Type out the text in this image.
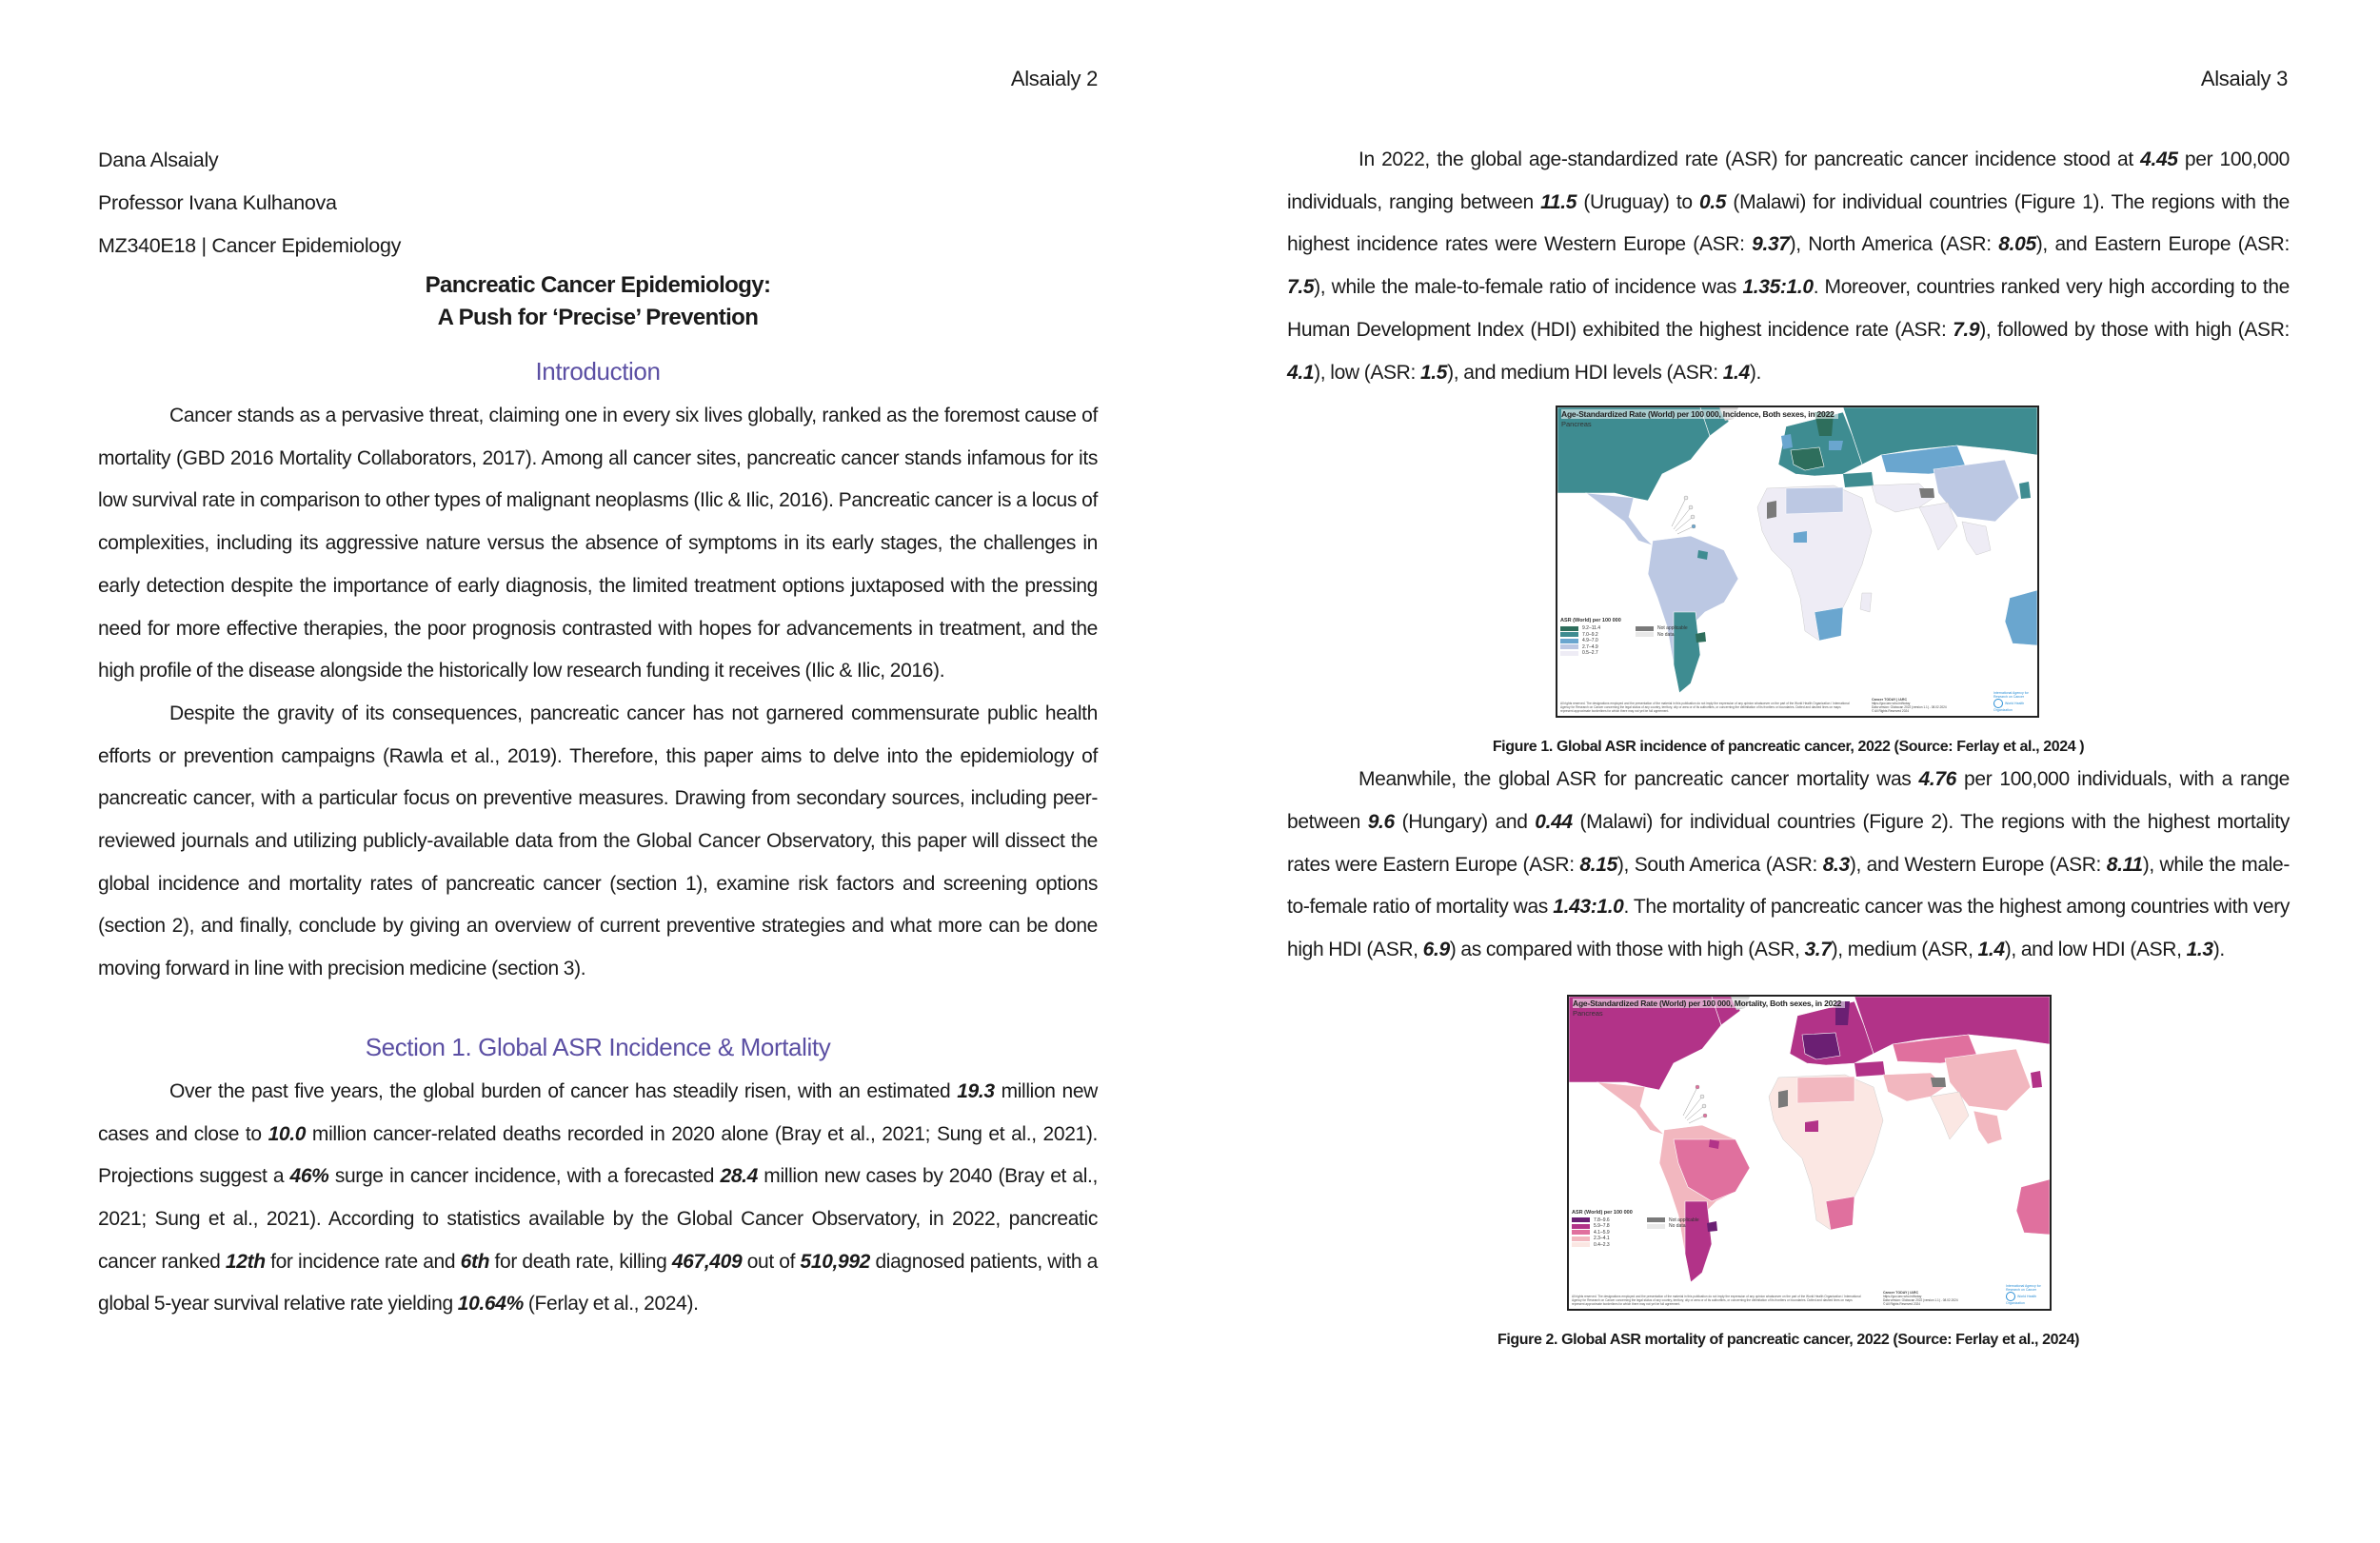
Alsaialy 2
Dana Alsaialy
Professor Ivana Kulhanova
MZ340E18 | Cancer Epidemiology
Pancreatic Cancer Epidemiology:
A Push for ‘Precise’ Prevention
Introduction

Cancer stands as a pervasive threat, claiming one in every six lives globally, ranked as the foremost cause of mortality (GBD 2016 Mortality Collaborators, 2017). Among all cancer sites, pancreatic cancer stands infamous for its low survival rate in comparison to other types of malignant neoplasms (Ilic & Ilic, 2016). Pancreatic cancer is a locus of complexities, including its aggressive nature versus the absence of symptoms in its early stages, the challenges in early detection despite the importance of early diagnosis, the limited treatment options juxtaposed with the pressing need for more effective therapies, the poor prognosis contrasted with hopes for advancements in treatment, and the high profile of the disease alongside the historically low research funding it receives (Ilic & Ilic, 2016).

Despite the gravity of its consequences, pancreatic cancer has not garnered commensurate public health efforts or prevention campaigns (Rawla et al., 2019). Therefore, this paper aims to delve into the epidemiology of pancreatic cancer, with a particular focus on preventive measures. Drawing from secondary sources, including peer-reviewed journals and utilizing publicly-available data from the Global Cancer Observatory, this paper will dissect the global incidence and mortality rates of pancreatic cancer (section 1), examine risk factors and screening options (section 2), and finally, conclude by giving an overview of current preventive strategies and what more can be done moving forward in line with precision medicine (section 3).

Section 1. Global ASR Incidence & Mortality

Over the past five years, the global burden of cancer has steadily risen, with an estimated 19.3 million new cases and close to 10.0 million cancer-related deaths recorded in 2020 alone (Bray et al., 2021; Sung et al., 2021). Projections suggest a 46% surge in cancer incidence, with a forecasted 28.4 million new cases by 2040 (Bray et al., 2021; Sung et al., 2021). According to statistics available by the Global Cancer Observatory, in 2022, pancreatic cancer ranked 12th for incidence rate and 6th for death rate, killing 467,409 out of 510,992 diagnosed patients, with a global 5-year survival relative rate yielding 10.64% (Ferlay et al., 2024).

Alsaialy 3

In 2022, the global age-standardized rate (ASR) for pancreatic cancer incidence stood at 4.45 per 100,000 individuals, ranging between 11.5 (Uruguay) to 0.5 (Malawi) for individual countries (Figure 1). The regions with the highest incidence rates were Western Europe (ASR: 9.37), North America (ASR: 8.05), and Eastern Europe (ASR: 7.5), while the male-to-female ratio of incidence was 1.35:1.0. Moreover, countries ranked very high according to the Human Development Index (HDI) exhibited the highest incidence rate (ASR: 7.9), followed by those with high (ASR: 4.1), low (ASR: 1.5), and medium HDI levels (ASR: 1.4).

Age-Standardized Rate (World) per 100 000, Incidence, Both sexes, in 2022
Pancreas
ASR (World) per 100 000
9.2–11.4
7.0–9.2
4.9–7.0
2.7–4.9
0.5–2.7
Not applicable
No data
All rights reserved. The designations employed and the presentation of the material in this publication do not imply the expression of any opinion whatsoever on the part of the World Health Organization / International Agency for Research on Cancer concerning the legal status of any country, territory, city or area or of its authorities, or concerning the delimitation of its frontiers or boundaries. Dotted and dashed lines on maps represent approximate borderlines for which there may not yet be full agreement.
Cancer TODAY | IARC
https://gco.iarc.who.int/today
Data version: Globocan 2022 (version 1.1) - 08.02.2024
© All Rights Reserved 2024
International Agency for Research on Cancer
World Health Organization
Figure 1. Global ASR incidence of pancreatic cancer, 2022 (Source: Ferlay et al., 2024 )

Meanwhile, the global ASR for pancreatic cancer mortality was 4.76 per 100,000 individuals, with a range between 9.6 (Hungary) and 0.44 (Malawi) for individual countries (Figure 2). The regions with the highest mortality rates were Eastern Europe (ASR: 8.15), South America (ASR: 8.3), and Western Europe (ASR: 8.11), while the male-to-female ratio of mortality was 1.43:1.0. The mortality of pancreatic cancer was the highest among countries with very high HDI (ASR, 6.9) as compared with those with high (ASR, 3.7), medium (ASR, 1.4), and low HDI (ASR, 1.3).

Age-Standardized Rate (World) per 100 000, Mortality, Both sexes, in 2022
Pancreas
ASR (World) per 100 000
7.8–9.6
5.9–7.8
4.1–5.9
2.3–4.1
0.4–2.3
Not applicable
No data
All rights reserved. The designations employed and the presentation of the material in this publication do not imply the expression of any opinion whatsoever on the part of the World Health Organization / International Agency for Research on Cancer concerning the legal status of any country, territory, city or area or of its authorities, or concerning the delimitation of its frontiers or boundaries. Dotted and dashed lines on maps represent approximate borderlines for which there may not yet be full agreement.
Cancer TODAY | IARC
https://gco.iarc.who.int/today
Data version: Globocan 2022 (version 1.1) - 08.02.2024
© All Rights Reserved 2024
International Agency for Research on Cancer
World Health Organization
Figure 2. Global ASR mortality of pancreatic cancer, 2022 (Source: Ferlay et al., 2024)
